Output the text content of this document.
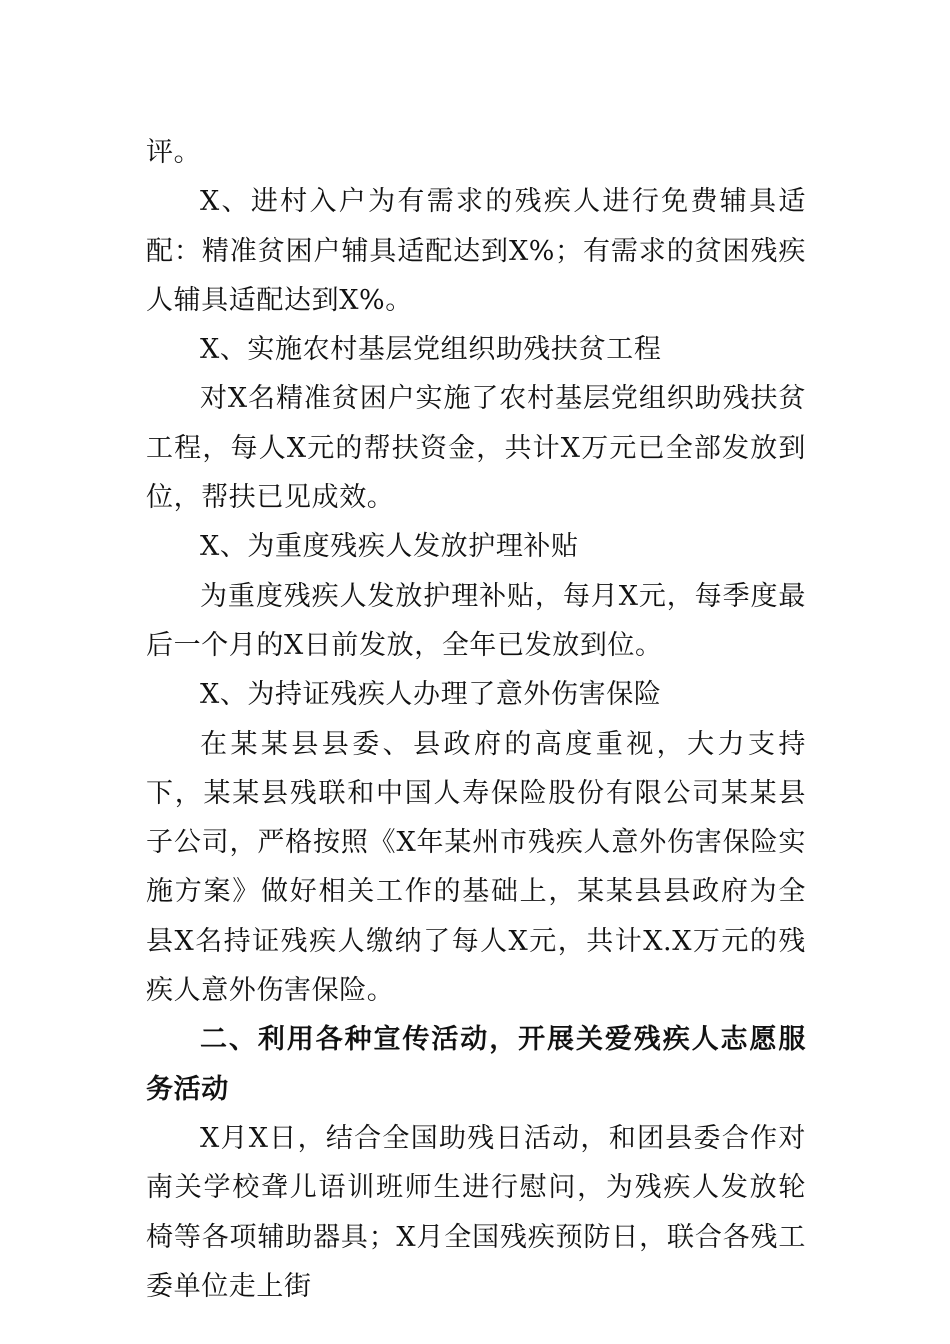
评。

X、进村入户为有需求的残疾人进行免费辅具适配：精准贫困户辅具适配达到X%；有需求的贫困残疾人辅具适配达到X%。

X、实施农村基层党组织助残扶贫工程

对X名精准贫困户实施了农村基层党组织助残扶贫工程，每人X元的帮扶资金，共计X万元已全部发放到位，帮扶已见成效。

X、为重度残疾人发放护理补贴

为重度残疾人发放护理补贴，每月X元，每季度最后一个月的X日前发放，全年已发放到位。

X、为持证残疾人办理了意外伤害保险

在某某县县委、县政府的高度重视，大力支持下，某某县残联和中国人寿保险股份有限公司某某县子公司，严格按照《X年某州市残疾人意外伤害保险实施方案》做好相关工作的基础上，某某县县政府为全县X名持证残疾人缴纳了每人X元，共计X.X万元的残疾人意外伤害保险。

二、利用各种宣传活动，开展关爱残疾人志愿服务活动

X月X日，结合全国助残日活动，和团县委合作对南关学校聋儿语训班师生进行慰问，为残疾人发放轮椅等各项辅助器具；X月全国残疾预防日，联合各残工委单位走上街
